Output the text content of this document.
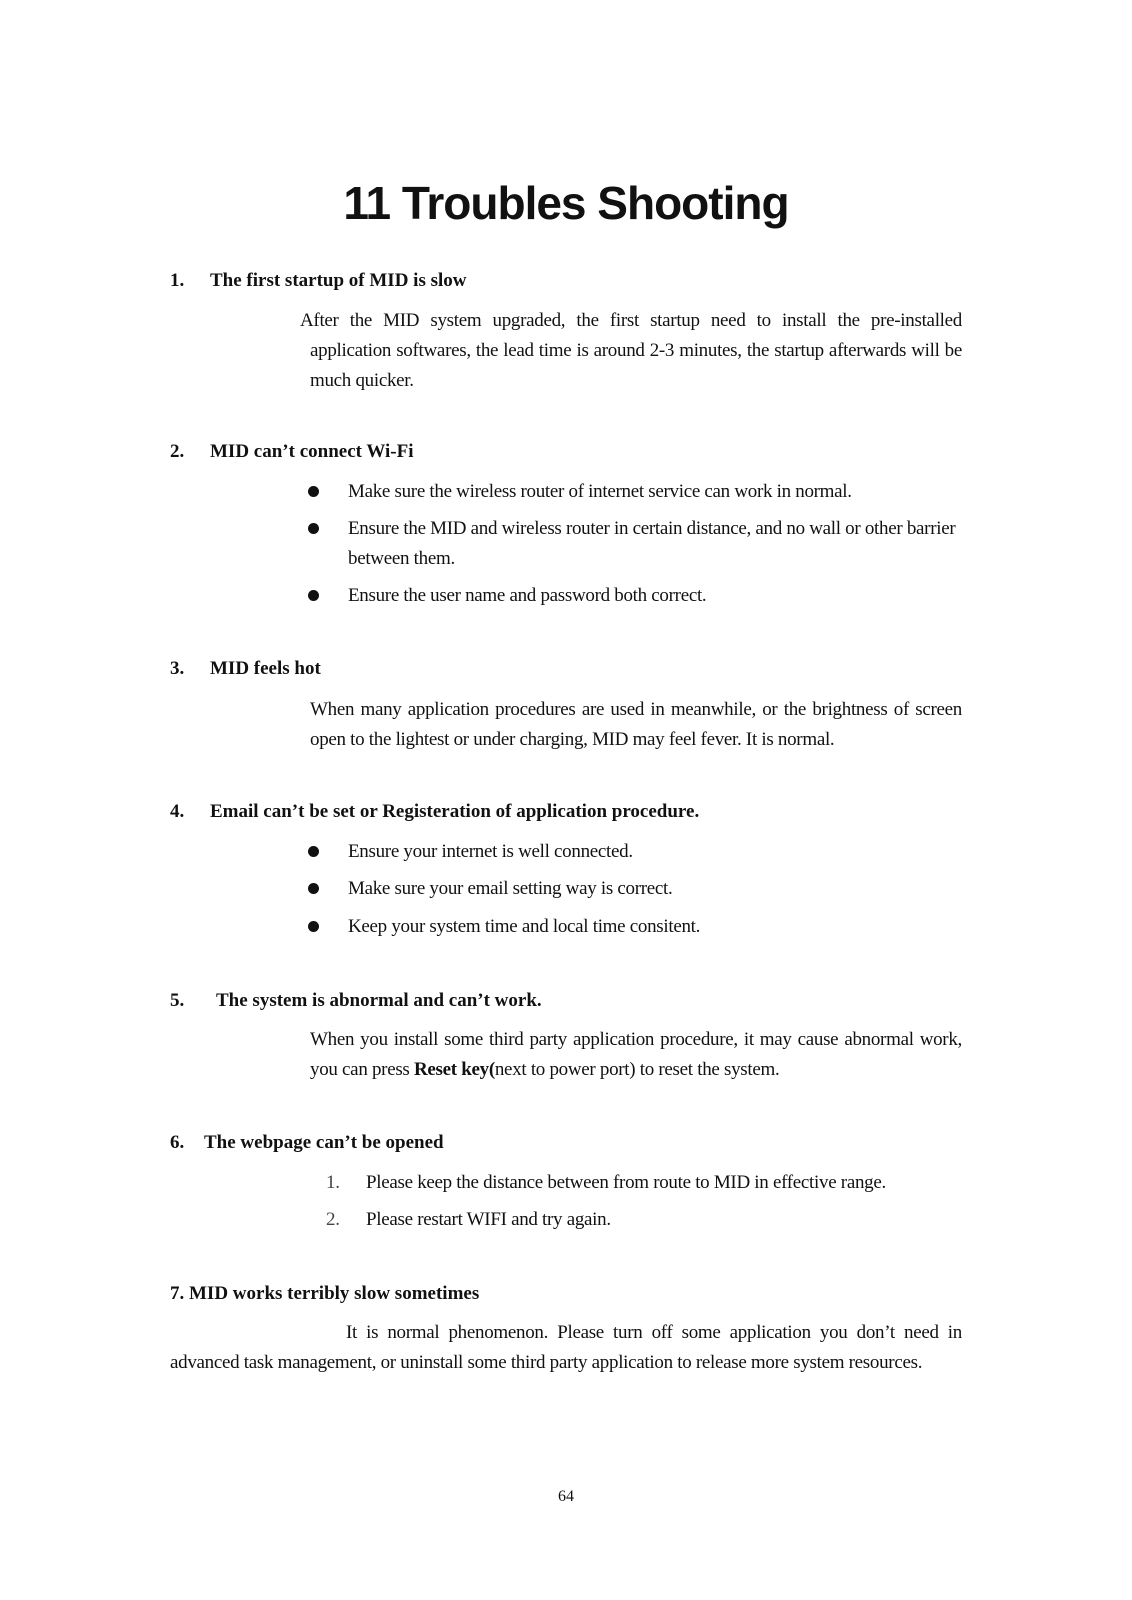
11 Troubles Shooting
1. The first startup of MID is slow
After the MID system upgraded, the first startup need to install the pre-installed application softwares, the lead time is around 2-3 minutes, the startup afterwards will be much quicker.
2. MID can’t connect Wi-Fi
Make sure the wireless router of internet service can work in normal.
Ensure the MID and wireless router in certain distance, and no wall or other barrier between them.
Ensure the user name and password both correct.
3. MID feels hot
When many application procedures are used in meanwhile, or the brightness of screen open to the lightest or under charging, MID may feel fever. It is normal.
4. Email can’t be set or Registeration of application procedure.
Ensure your internet is well connected.
Make sure your email setting way is correct.
Keep your system time and local time consitent.
5. The system is abnormal and can’t work.
When you install some third party application procedure, it may cause abnormal work, you can press Reset key(next to power port) to reset the system.
6. The webpage can’t be opened
1. Please keep the distance between from route to MID in effective range.
2. Please restart WIFI and try again.
7. MID works terribly slow sometimes
It is normal phenomenon. Please turn off some application you don’t need in advanced task management, or uninstall some third party application to release more system resources.
64
